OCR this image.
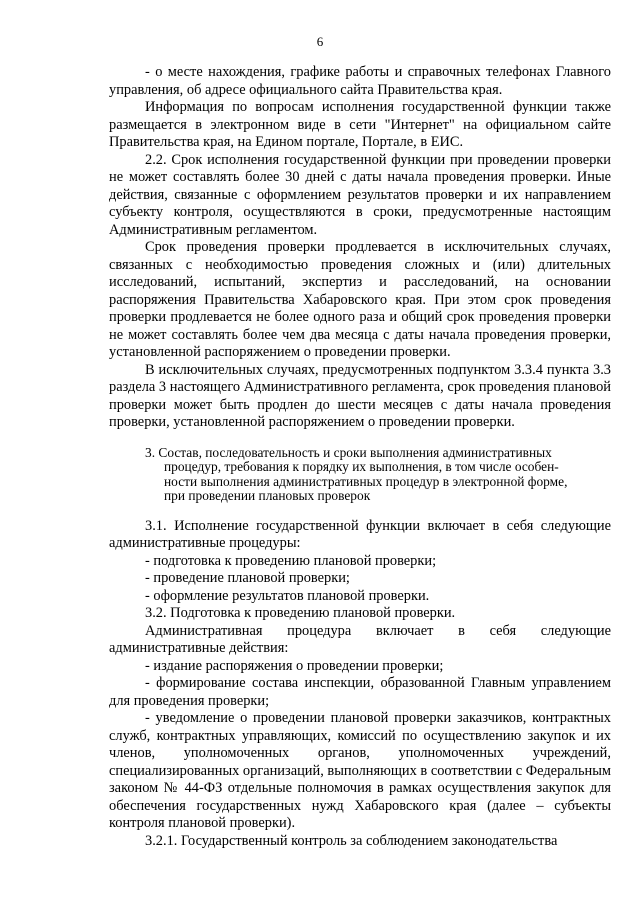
6

- о месте нахождения, графике работы и справочных телефонах Главного управления, об адресе официального сайта Правительства края.

Информация по вопросам исполнения государственной функции также размещается в электронном виде в сети "Интернет" на официальном сайте Правительства края, на Едином портале, Портале, в ЕИС.

2.2. Срок исполнения государственной функции при проведении проверки не может составлять более 30 дней с даты начала проведения проверки. Иные действия, связанные с оформлением результатов проверки и их направлением субъекту контроля, осуществляются в сроки, предусмотренные настоящим Административным регламентом.

Срок проведения проверки продлевается в исключительных случаях, связанных с необходимостью проведения сложных и (или) длительных исследований, испытаний, экспертиз и расследований, на основании распоряжения Правительства Хабаровского края. При этом срок проведения проверки продлевается не более одного раза и общий срок проведения проверки не может составлять более чем два месяца с даты начала проведения проверки, установленной распоряжением о проведении проверки.

В исключительных случаях, предусмотренных подпунктом 3.3.4 пункта 3.3 раздела 3 настоящего Административного регламента, срок проведения плановой проверки может быть продлен до шести месяцев с даты начала проведения проверки, установленной распоряжением о проведении проверки.

3. Состав, последовательность и сроки выполнения административных
процедур, требования к порядку их выполнения, в том числе особен-
ности выполнения административных процедур в электронной форме,
при проведении плановых проверок

3.1. Исполнение государственной функции включает в себя следующие административные процедуры:

- подготовка к проведению плановой проверки;

- проведение плановой проверки;

- оформление результатов плановой проверки.

3.2. Подготовка к проведению плановой проверки.

Административная процедура включает в себя следующие административные действия:

- издание распоряжения о проведении проверки;

- формирование состава инспекции, образованной Главным управлением для проведения проверки;

- уведомление о проведении плановой проверки заказчиков, контрактных служб, контрактных управляющих, комиссий по осуществлению закупок и их членов, уполномоченных органов, уполномоченных учреждений, специализированных организаций, выполняющих в соответствии с Федеральным законом № 44-ФЗ отдельные полномочия в рамках осуществления закупок для обеспечения государственных нужд Хабаровского края (далее – субъекты контроля плановой проверки).

3.2.1. Государственный контроль за соблюдением законодательства
